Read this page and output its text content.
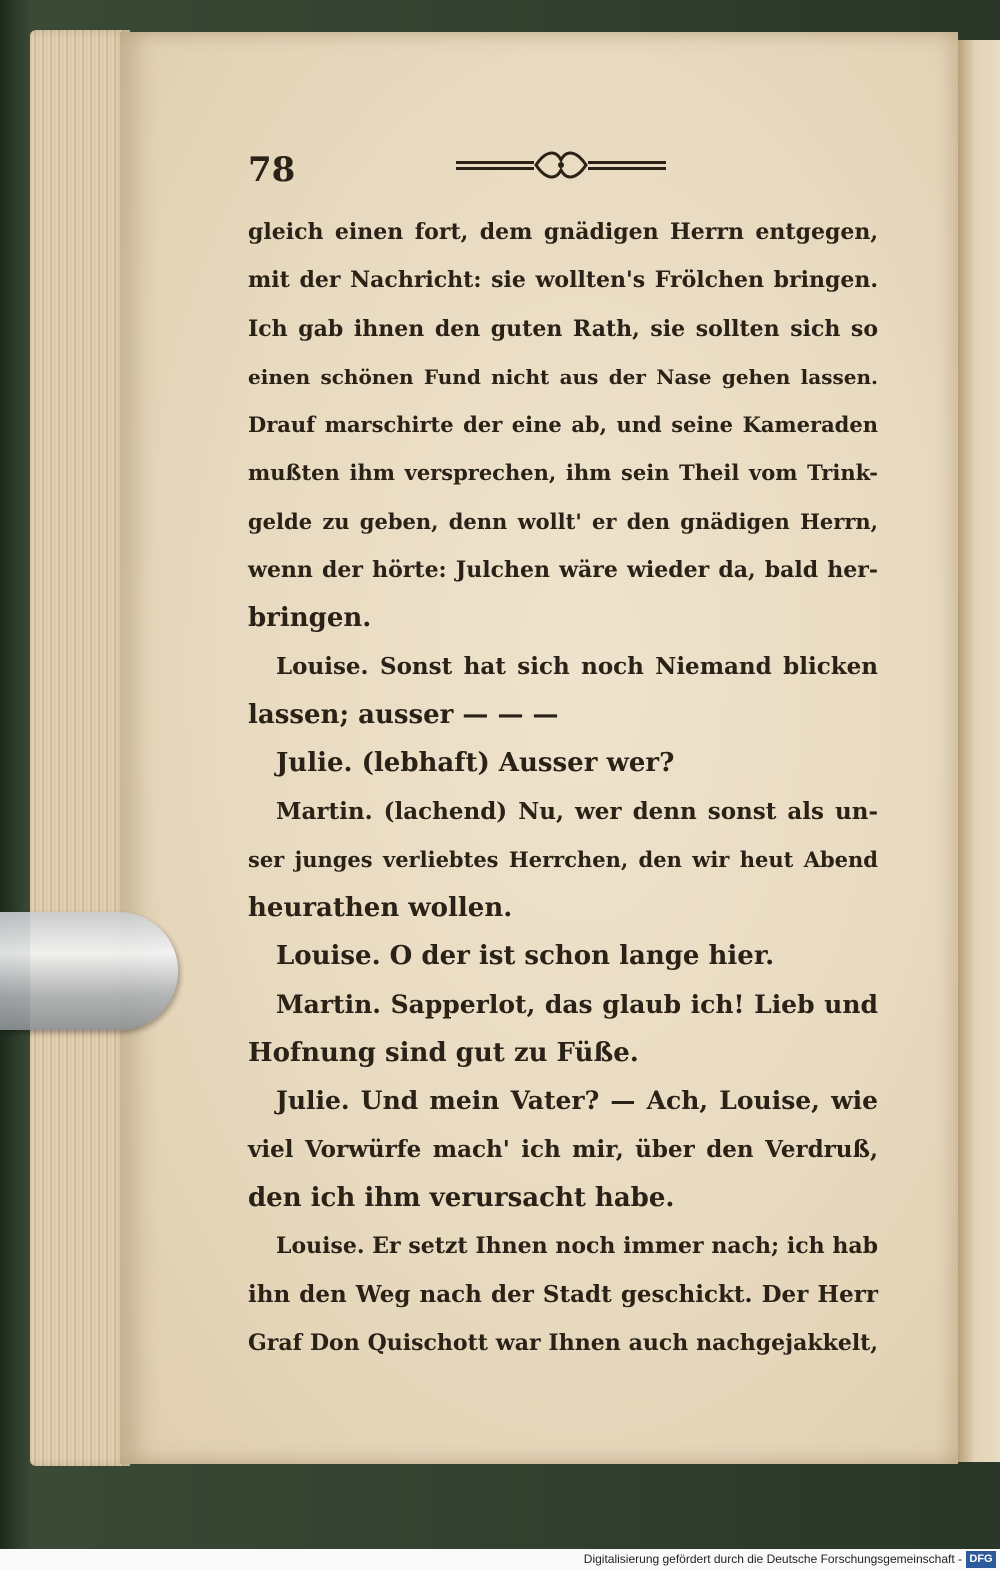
78
gleich einen fort, dem gnädigen Herrn entgegen,
mit der Nachricht: sie wollten's Frölchen bringen.
Ich gab ihnen den guten Rath, sie sollten sich so
einen schönen Fund nicht aus der Nase gehen lassen.
Drauf marschirte der eine ab, und seine Kameraden
mußten ihm versprechen, ihm sein Theil vom Trink-
gelde zu geben, denn wollt' er den gnädigen Herrn,
wenn der hörte: Julchen wäre wieder da, bald her-
bringen.
Louise. Sonst hat sich noch Niemand blicken
lassen; ausser — — —
Julie. (lebhaft) Ausser wer?
Martin. (lachend) Nu, wer denn sonst als un-
ser junges verliebtes Herrchen, den wir heut Abend
heurathen wollen.
Louise. O der ist schon lange hier.
Martin. Sapperlot, das glaub ich! Lieb und
Hofnung sind gut zu Füße.
Julie. Und mein Vater? — Ach, Louise, wie
viel Vorwürfe mach' ich mir, über den Verdruß,
den ich ihm verursacht habe.
Louise. Er setzt Ihnen noch immer nach; ich hab
ihn den Weg nach der Stadt geschickt. Der Herr
Graf Don Quischott war Ihnen auch nachgejakkelt,
Digitalisierung gefördert durch die Deutsche Forschungsgemeinschaft - DFG
